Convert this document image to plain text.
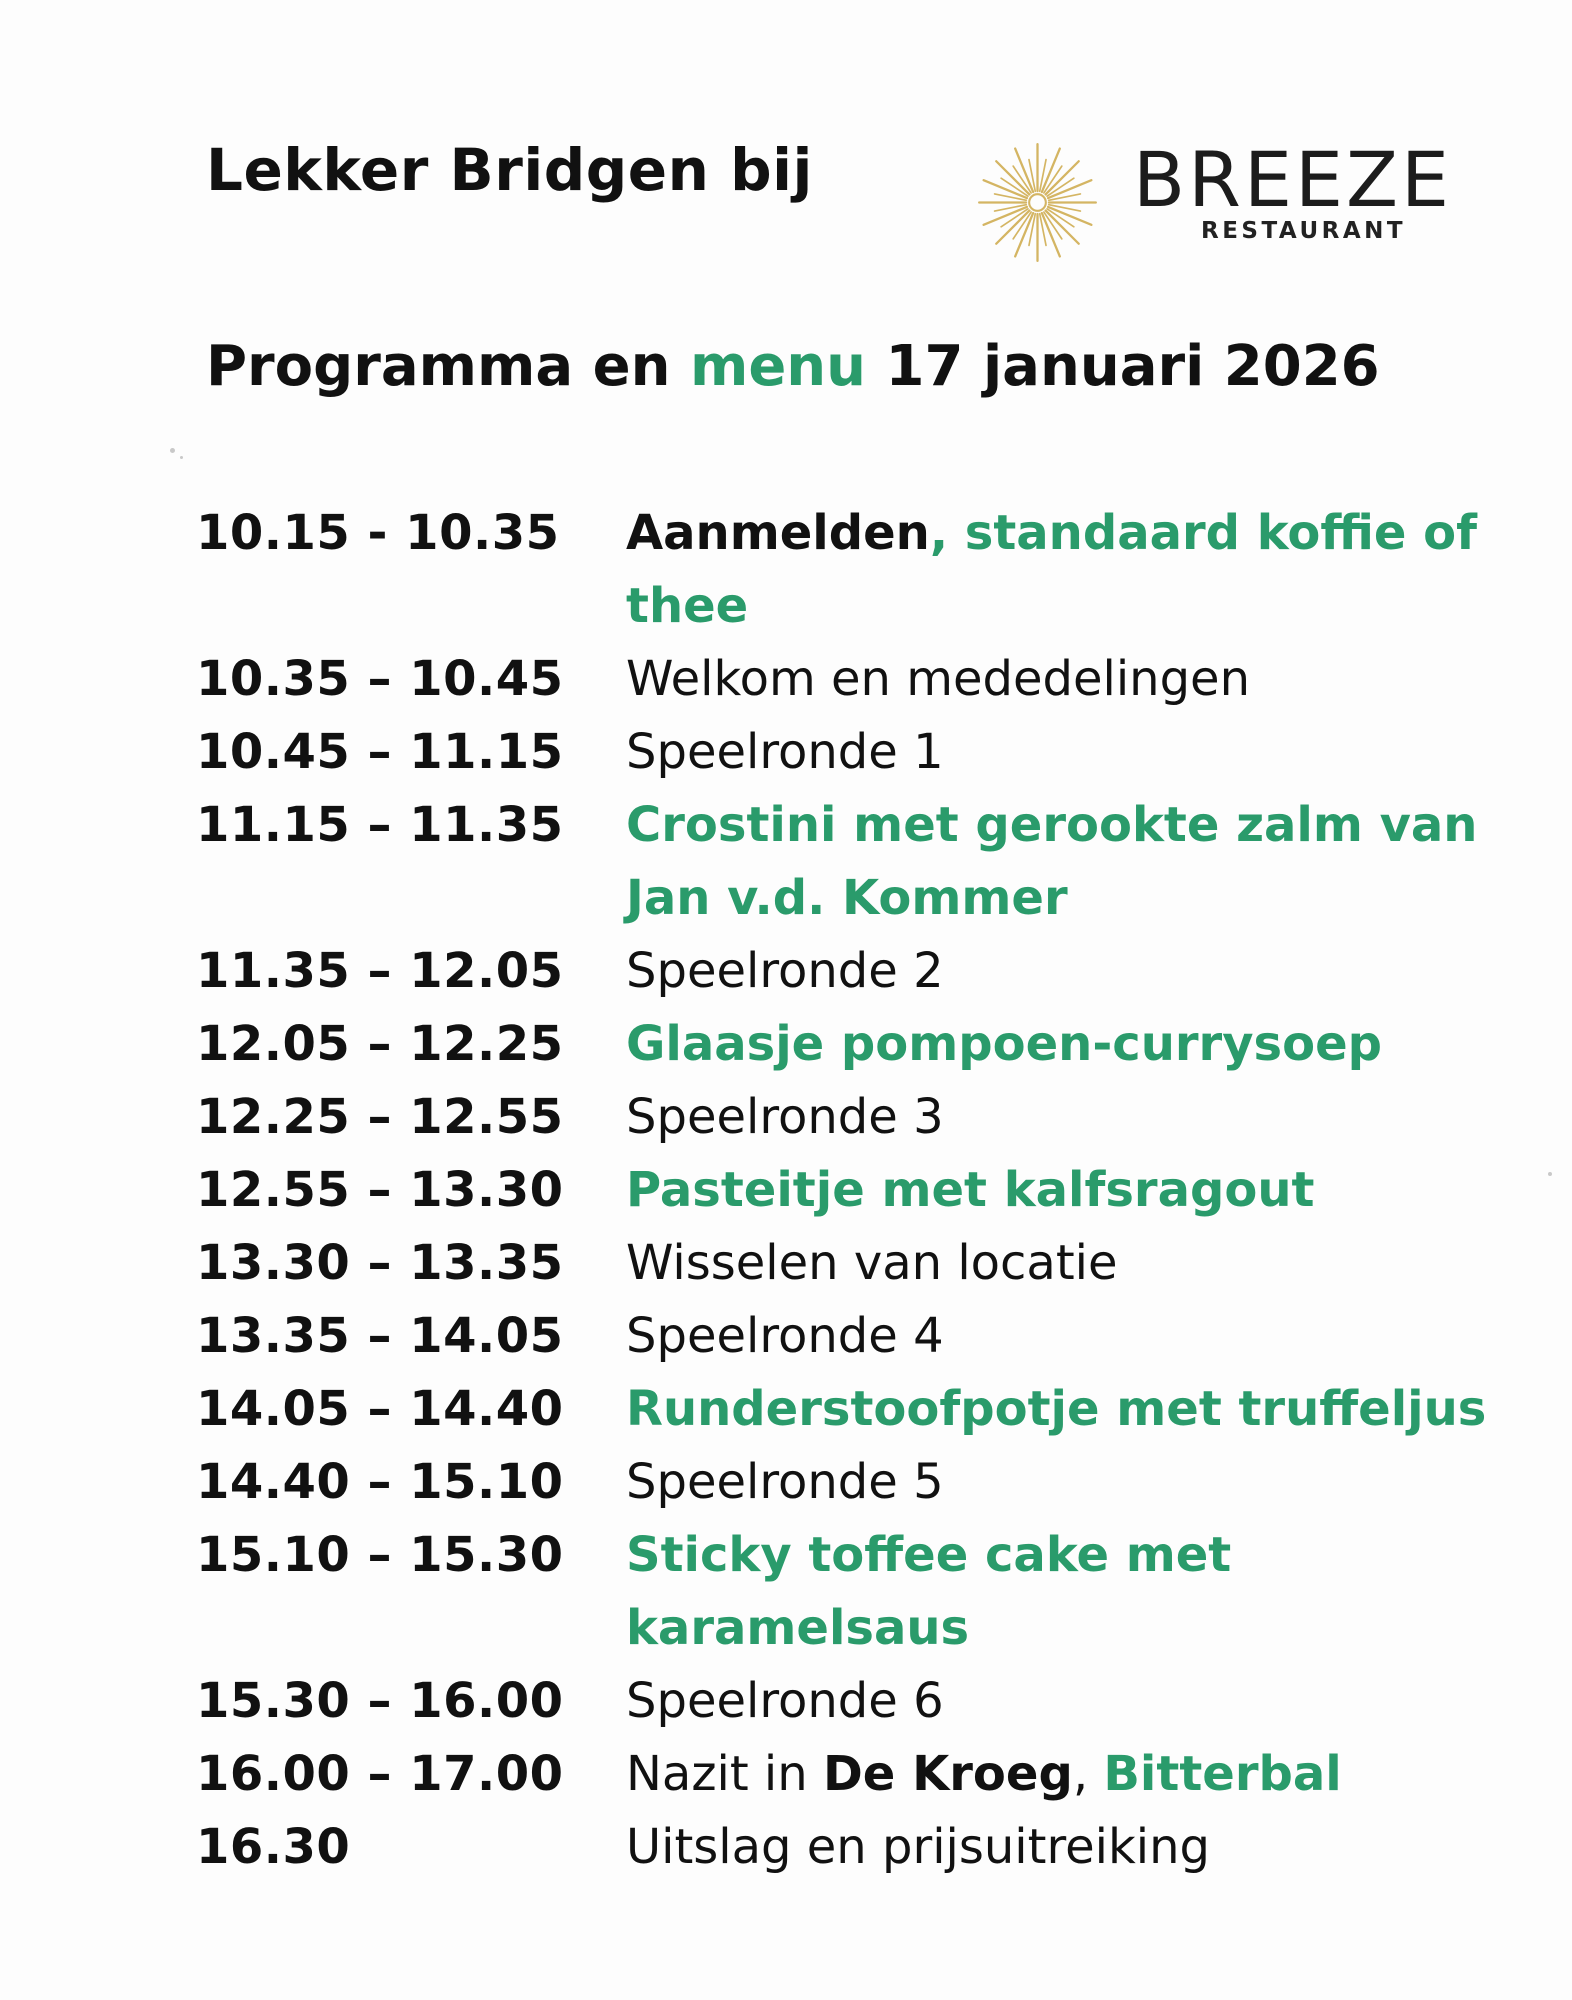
Lekker Bridgen bij	BREEZE
RESTAURANT
Programma en menu 17 januari 2026
10.15 - 10.35	Aanmelden, standaard koffie of thee
10.35 – 10.45	Welkom en mededelingen
10.45 – 11.15	Speelronde 1
11.15 – 11.35	Crostini met gerookte zalm van Jan v.d. Kommer
11.35 – 12.05	Speelronde 2
12.05 – 12.25	Glaasje pompoen-currysoep
12.25 – 12.55	Speelronde 3
12.55 – 13.30	Pasteitje met kalfsragout
13.30 – 13.35	Wisselen van locatie
13.35 – 14.05	Speelronde 4
14.05 – 14.40	Runderstoofpotje met truffeljus
14.40 – 15.10	Speelronde 5
15.10 – 15.30	Sticky toffee cake met karamelsaus
15.30 – 16.00	Speelronde 6
16.00 – 17.00	Nazit in De Kroeg, Bitterbal
16.30	Uitslag en prijsuitreiking
